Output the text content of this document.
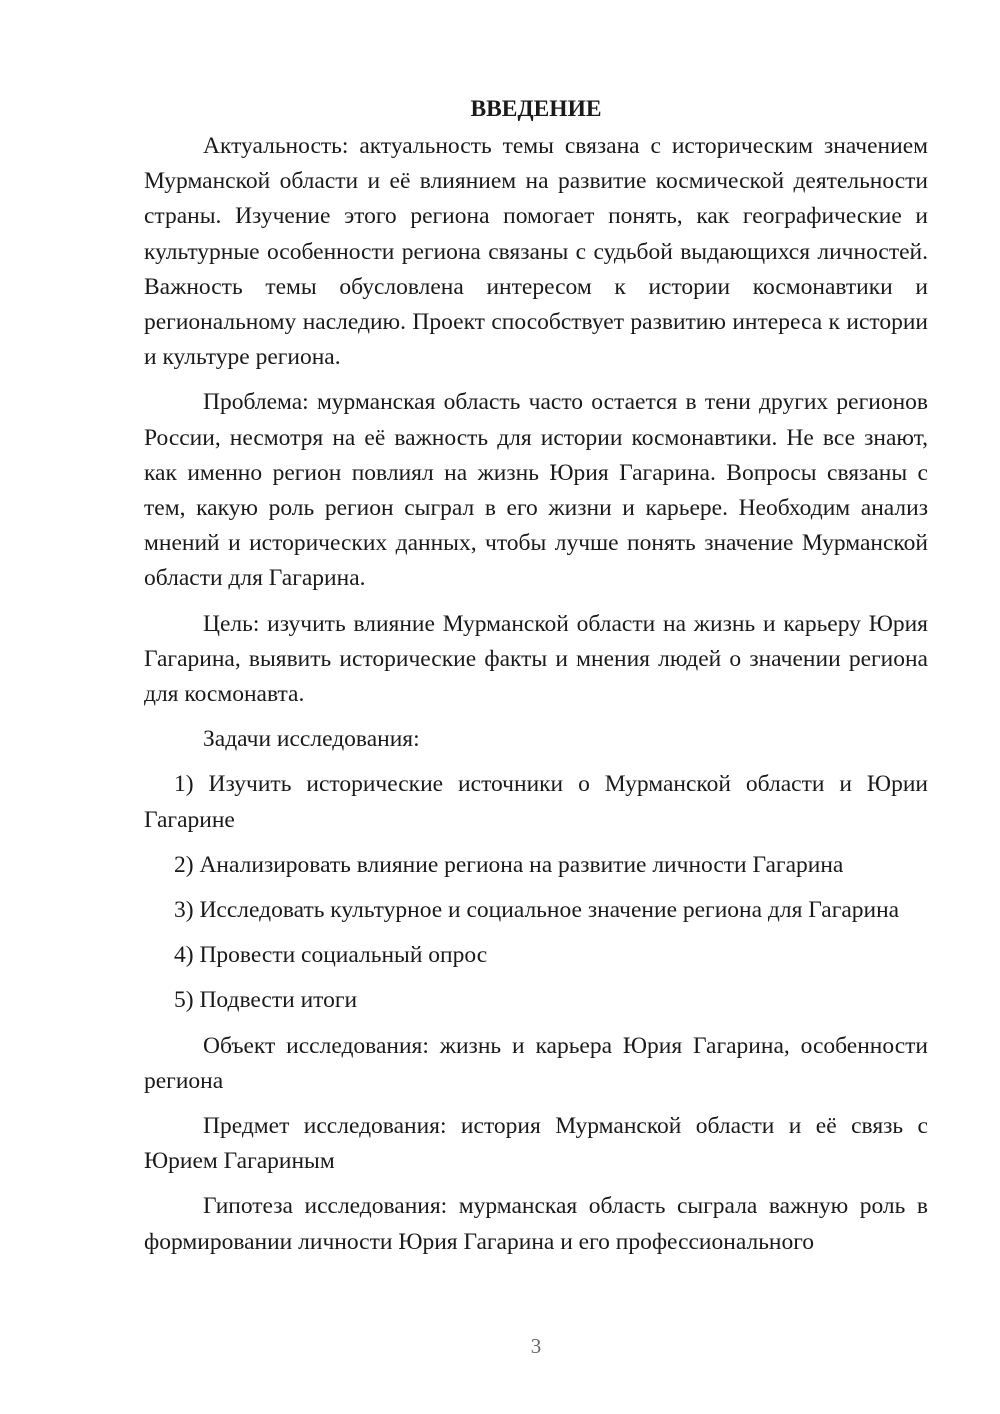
ВВЕДЕНИЕ

Актуальность: актуальность темы связана с историческим значением Мурманской области и её влиянием на развитие космической деятельности страны. Изучение этого региона помогает понять, как географические и культурные особенности региона связаны с судьбой выдающихся личностей. Важность темы обусловлена интересом к истории космонавтики и региональному наследию. Проект способствует развитию интереса к истории и культуре региона.

Проблема: мурманская область часто остается в тени других регионов России, несмотря на её важность для истории космонавтики. Не все знают, как именно регион повлиял на жизнь Юрия Гагарина. Вопросы связаны с тем, какую роль регион сыграл в его жизни и карьере. Необходим анализ мнений и исторических данных, чтобы лучше понять значение Мурманской области для Гагарина.

Цель: изучить влияние Мурманской области на жизнь и карьеру Юрия Гагарина, выявить исторические факты и мнения людей о значении региона для космонавта.

Задачи исследования:

1) Изучить исторические источники о Мурманской области и Юрии Гагарине

2) Анализировать влияние региона на развитие личности Гагарина

3) Исследовать культурное и социальное значение региона для Гагарина

4) Провести социальный опрос

5) Подвести итоги

Объект исследования: жизнь и карьера Юрия Гагарина, особенности региона

Предмет исследования: история Мурманской области и её связь с Юрием Гагариным

Гипотеза исследования: мурманская область сыграла важную роль в формировании личности Юрия Гагарина и его профессионального

3
